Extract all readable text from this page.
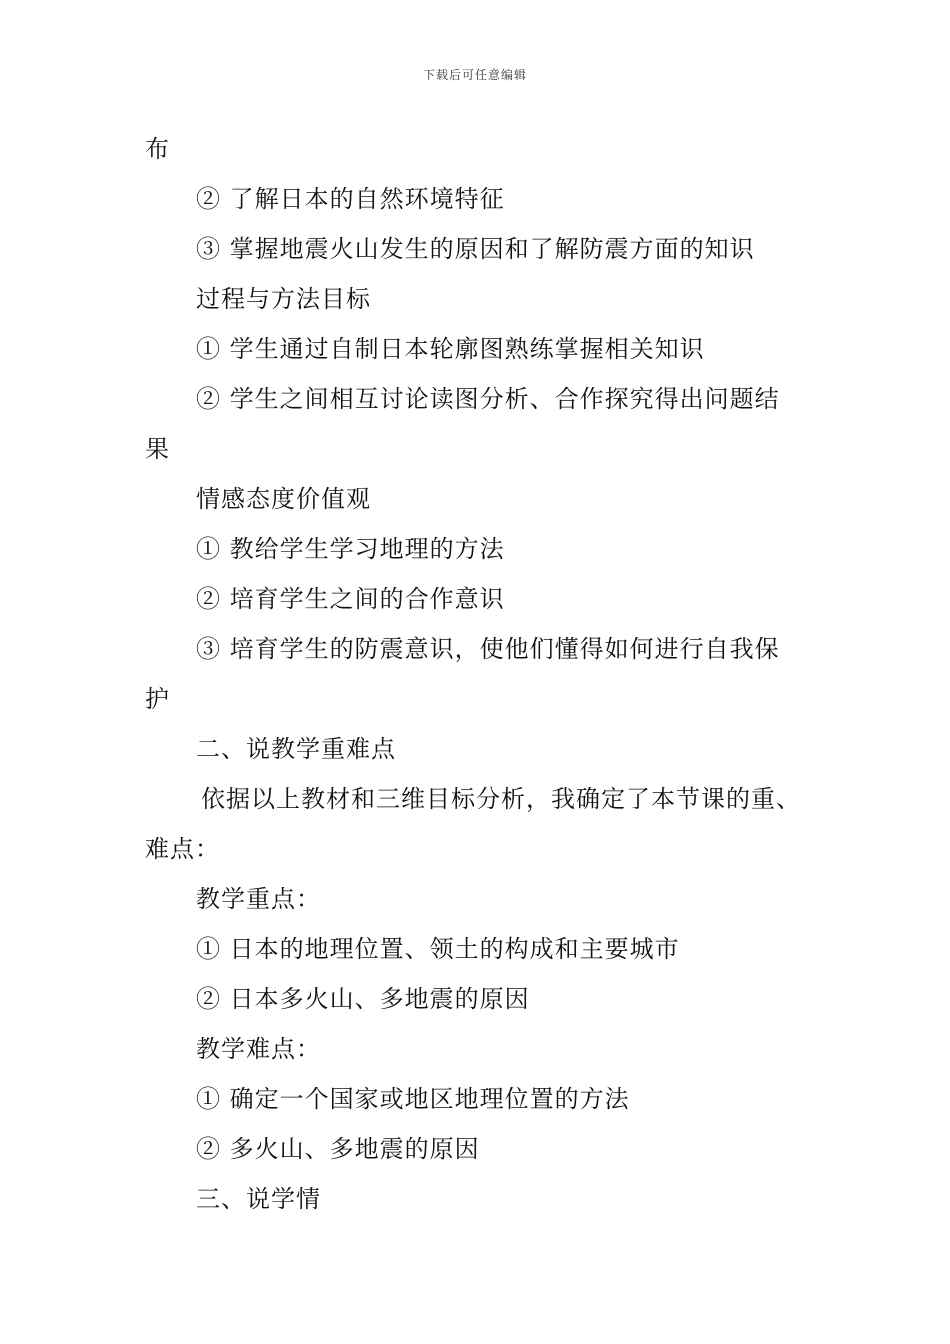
下载后可任意编辑
布
② 了解日本的自然环境特征
③ 掌握地震火山发生的原因和了解防震方面的知识
过程与方法目标
① 学生通过自制日本轮廓图熟练掌握相关知识
② 学生之间相互讨论读图分析、合作探究得出问题结
果
情感态度价值观
① 教给学生学习地理的方法
② 培育学生之间的合作意识
③ 培育学生的防震意识，使他们懂得如何进行自我保
护
二、说教学重难点
依据以上教材和三维目标分析，我确定了本节课的重、
难点：
教学重点：
① 日本的地理位置、领土的构成和主要城市
② 日本多火山、多地震的原因
教学难点：
① 确定一个国家或地区地理位置的方法
② 多火山、多地震的原因
三、说学情
